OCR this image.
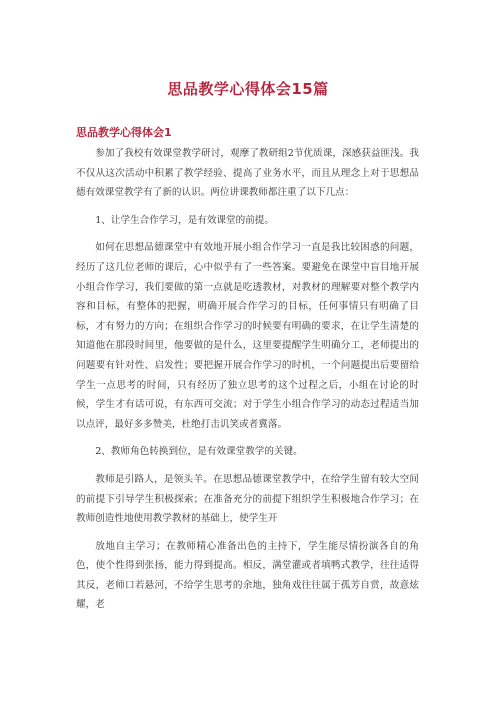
思品教学心得体会15篇
思品教学心得体会1

参加了我校有效课堂教学研讨，观摩了教研组2节优质课，深感获益匪浅。我不仅从这次活动中积累了教学经验、提高了业务水平，而且从理念上对于思想品德有效课堂教学有了新的认识。两位讲课教师都注重了以下几点：

1、让学生合作学习，是有效课堂的前提。

如何在思想品德课堂中有效地开展小组合作学习一直是我比较困惑的问题，经历了这几位老师的课后，心中似乎有了一些答案。要避免在课堂中盲目地开展小组合作学习，我们要做的第一点就是吃透教材，对教材的理解要对整个教学内容和目标，有整体的把握，明确开展合作学习的目标，任何事情只有明确了目标，才有努力的方向；在组织合作学习的时候要有明确的要求，在让学生清楚的知道他在那段时间里，他要做的是什么，这里要提醒学生明确分工，老师提出的问题要有针对性、启发性；要把握开展合作学习的时机，一个问题提出后要留给学生一点思考的时间，只有经历了独立思考的这个过程之后，小组在讨论的时候，学生才有话可说，有东西可交流；对于学生小组合作学习的动态过程适当加以点评，最好多多赞美，杜绝打击讥笑或者冀落。

2、教师角色转换到位，是有效课堂教学的关键。

教师是引路人，是领头羊。在思想品德课堂教学中，在给学生留有较大空间的前提下引导学生积极探索；在准备充分的前提下组织学生积极地合作学习；在教师创造性地使用教学教材的基础上，使学生开

放地自主学习；在教师精心准备出色的主持下，学生能尽情扮演各自的角色，使个性得到张扬，能力得到提高。相反，满堂灌或者填鸭式教学，往往适得其反，老师口若悬河，不给学生思考的余地，独角戏往往属于孤芳自赏，故意炫耀，老
